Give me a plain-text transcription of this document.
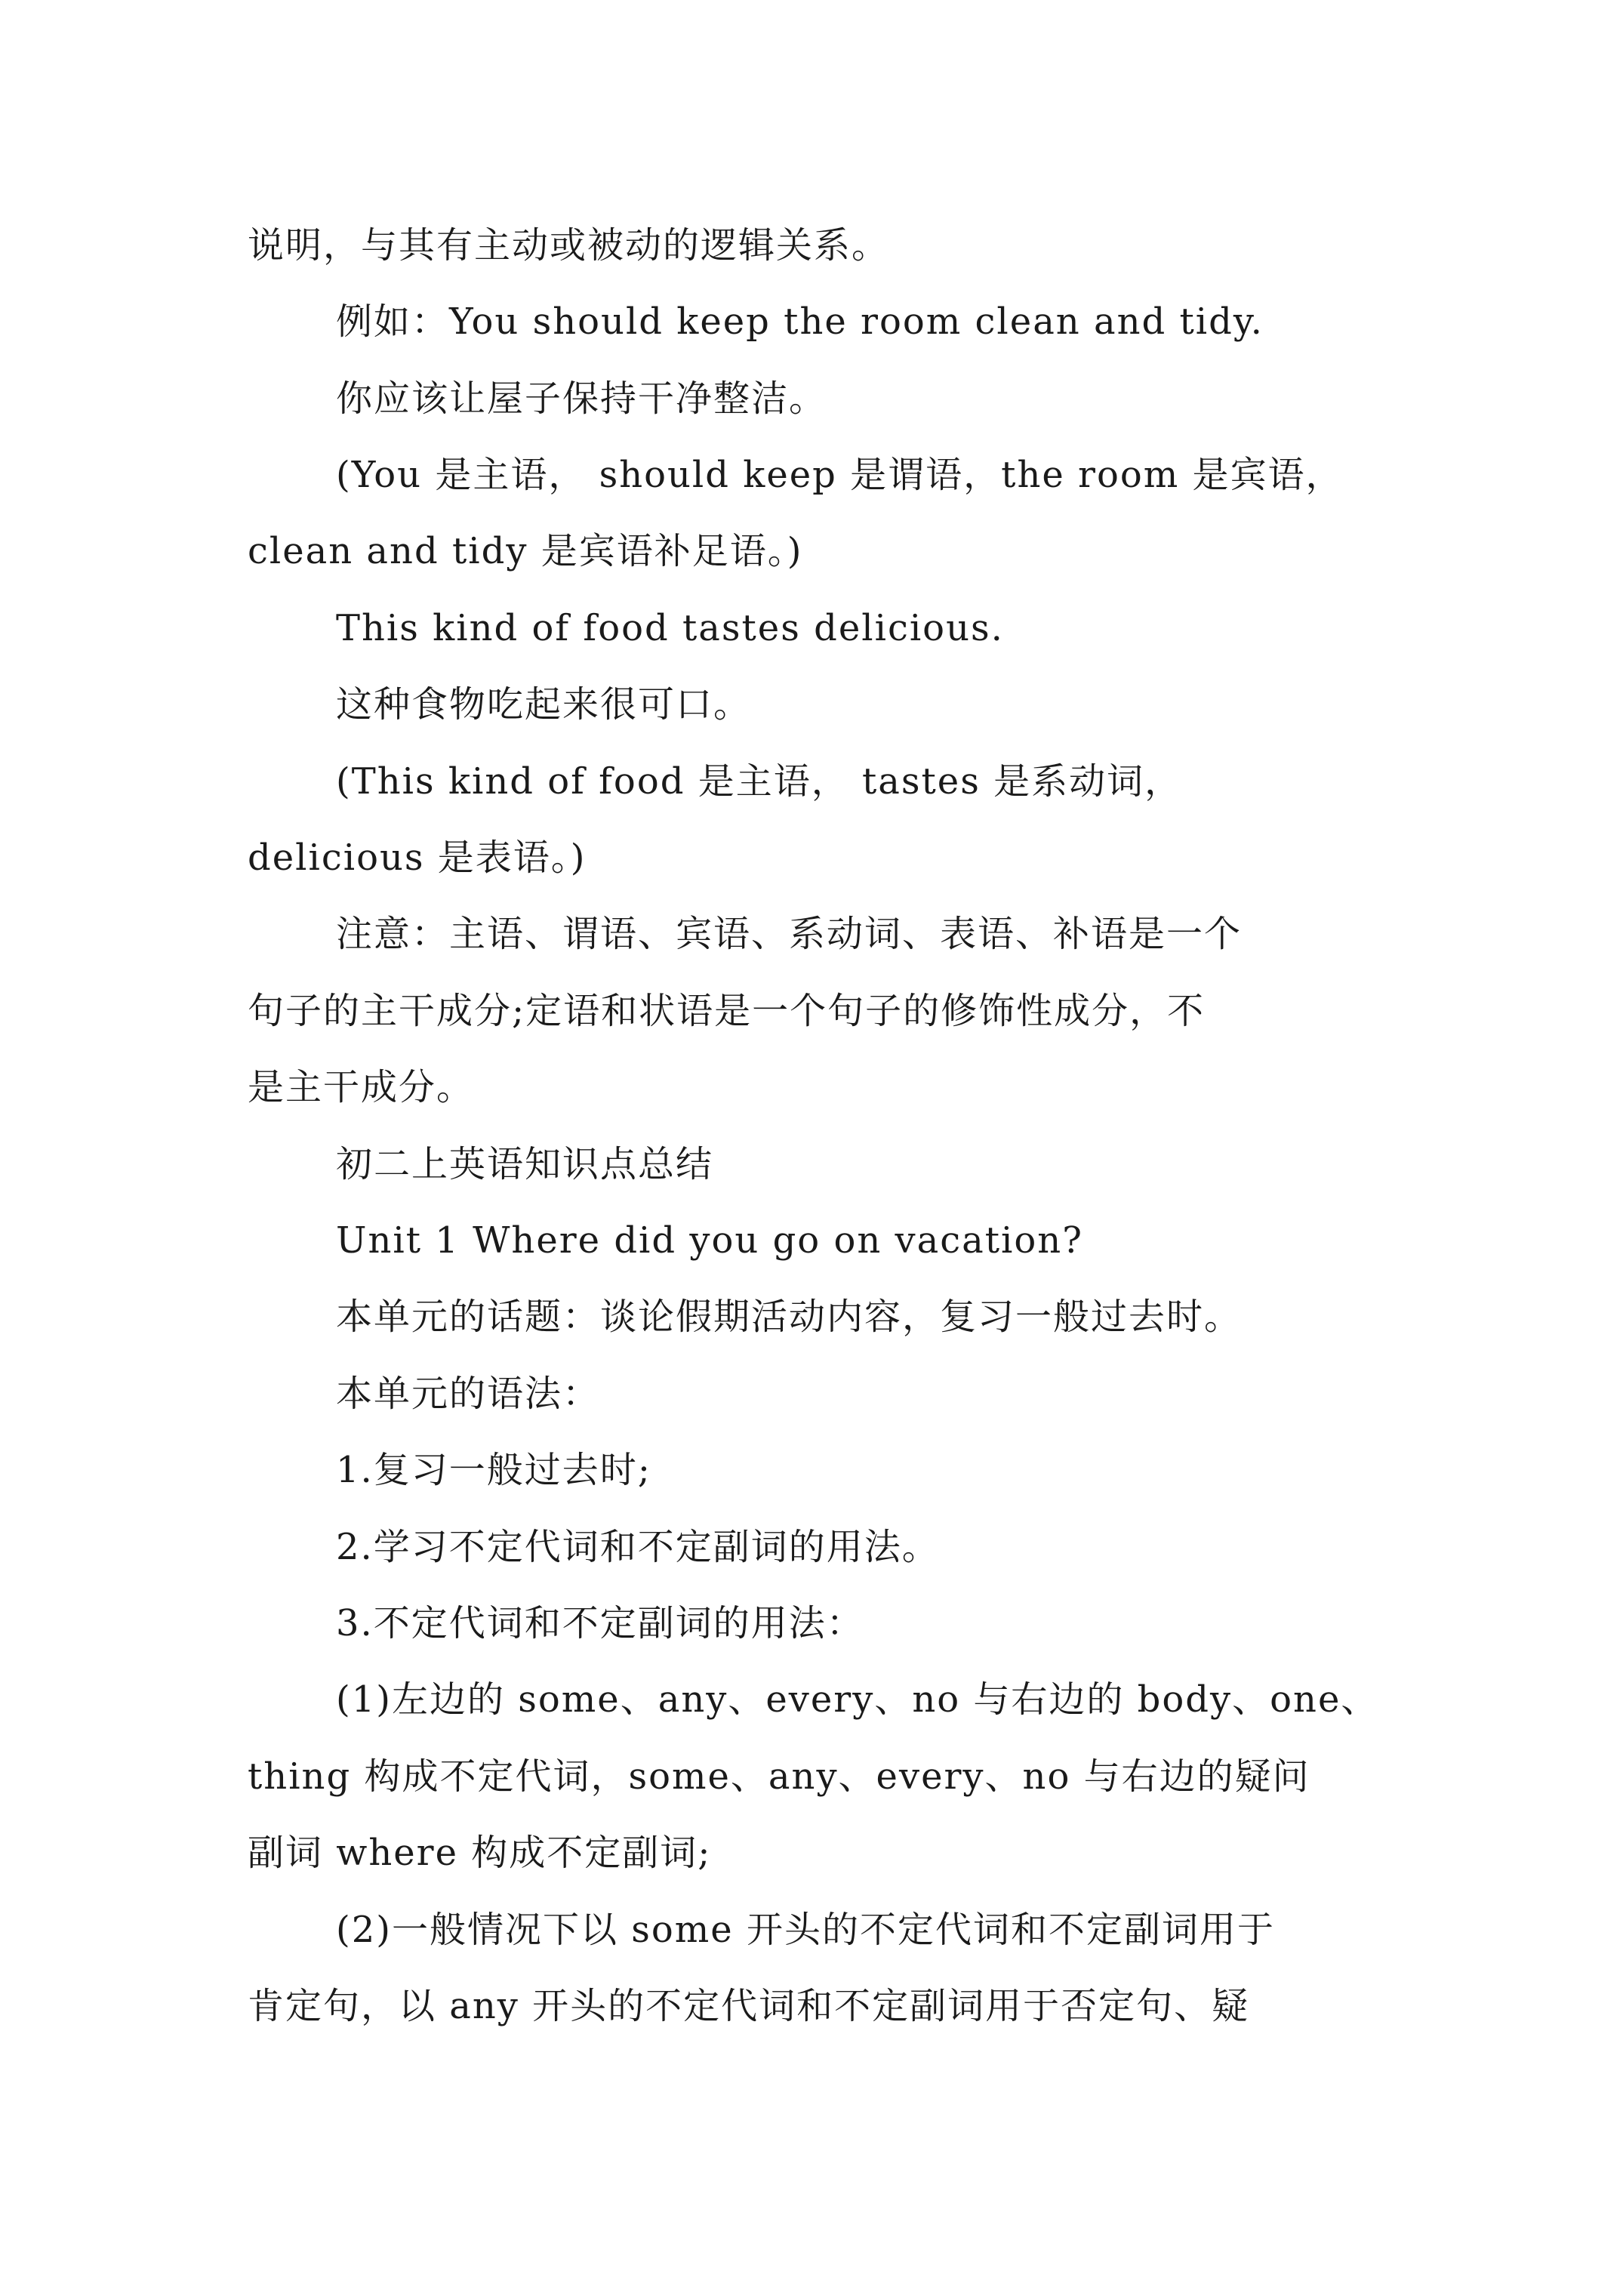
说明，与其有主动或被动的逻辑关系。
例如：You should keep the room clean and tidy.
你应该让屋子保持干净整洁。
(You 是主语， should keep 是谓语，the room 是宾语，
clean and tidy 是宾语补足语。)
This kind of food tastes delicious.
这种食物吃起来很可口。
(This kind of food 是主语， tastes 是系动词，
delicious 是表语。)
注意：主语、谓语、宾语、系动词、表语、补语是一个
句子的主干成分;定语和状语是一个句子的修饰性成分，不
是主干成分。
初二上英语知识点总结
Unit 1 Where did you go on vacation?
本单元的话题：谈论假期活动内容，复习一般过去时。
本单元的语法：
1.复习一般过去时;
2.学习不定代词和不定副词的用法。
3.不定代词和不定副词的用法：
(1)左边的 some、any、every、no 与右边的 body、one、
thing 构成不定代词，some、any、every、no 与右边的疑问
副词 where 构成不定副词;
(2)一般情况下以 some 开头的不定代词和不定副词用于
肯定句，以 any 开头的不定代词和不定副词用于否定句、疑
